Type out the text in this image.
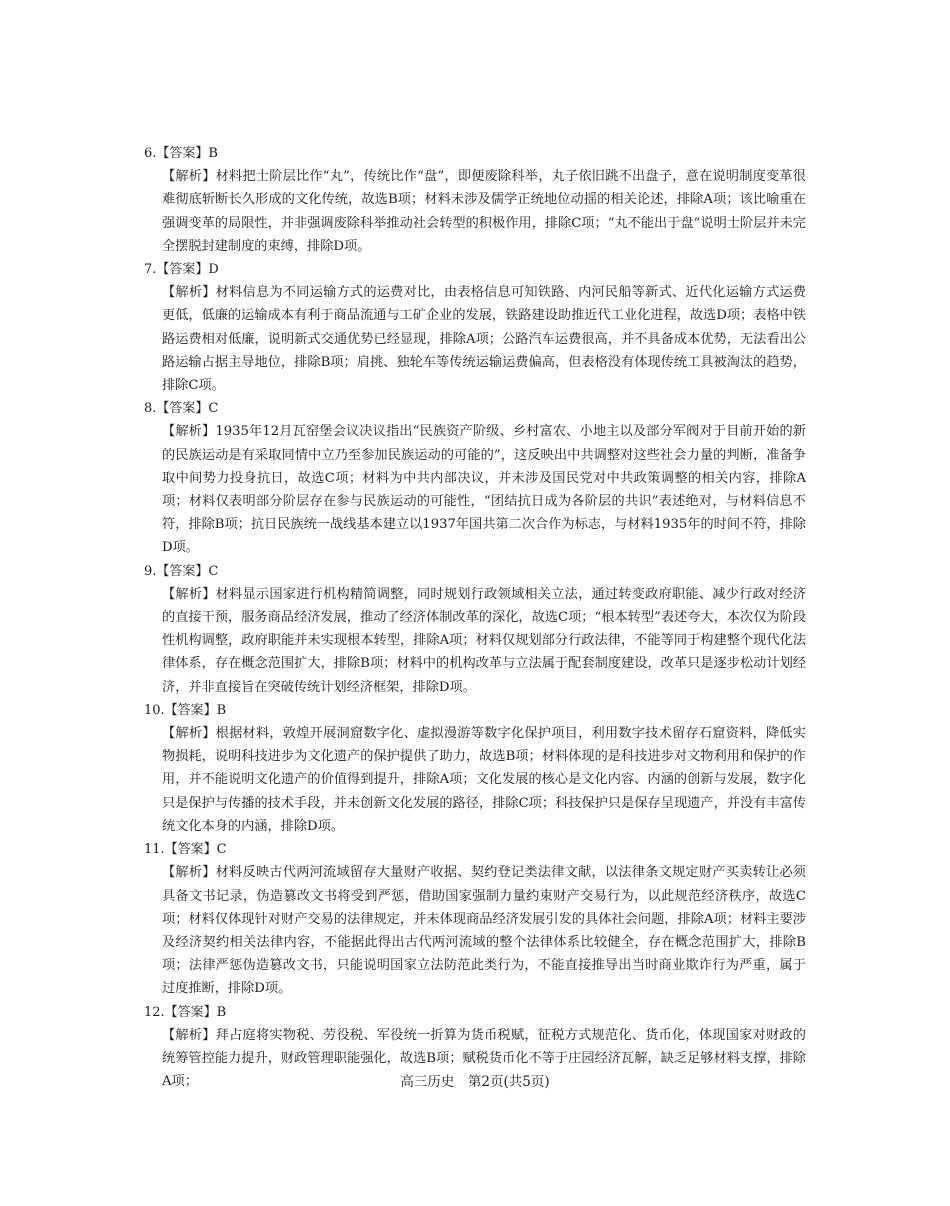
6.【答案】B

【解析】材料把士阶层比作“丸”，传统比作“盘”，即便废除科举，丸子依旧跳不出盘子，意在说明制度变革很难彻底斩断长久形成的文化传统，故选B项；材料未涉及儒学正统地位动摇的相关论述，排除A项；该比喻重在强调变革的局限性，并非强调废除科举推动社会转型的积极作用，排除C项；“丸不能出于盘”说明士阶层并未完全摆脱封建制度的束缚，排除D项。

7.【答案】D

【解析】材料信息为不同运输方式的运费对比，由表格信息可知铁路、内河民船等新式、近代化运输方式运费更低，低廉的运输成本有利于商品流通与工矿企业的发展，铁路建设助推近代工业化进程，故选D项；表格中铁路运费相对低廉，说明新式交通优势已经显现，排除A项；公路汽车运费很高，并不具备成本优势，无法看出公路运输占据主导地位，排除B项；肩挑、独轮车等传统运输运费偏高，但表格没有体现传统工具被淘汰的趋势，排除C项。

8.【答案】C

【解析】1935年12月瓦窑堡会议决议指出“民族资产阶级、乡村富农、小地主以及部分军阀对于目前开始的新的民族运动是有采取同情中立乃至参加民族运动的可能的”，这反映出中共调整对这些社会力量的判断，准备争取中间势力投身抗日，故选C项；材料为中共内部决议，并未涉及国民党对中共政策调整的相关内容，排除A项；材料仅表明部分阶层存在参与民族运动的可能性，“团结抗日成为各阶层的共识”表述绝对，与材料信息不符，排除B项；抗日民族统一战线基本建立以1937年国共第二次合作为标志，与材料1935年的时间不符，排除D项。

9.【答案】C

【解析】材料显示国家进行机构精简调整，同时规划行政领域相关立法，通过转变政府职能、减少行政对经济的直接干预，服务商品经济发展，推动了经济体制改革的深化，故选C项；“根本转型”表述夸大，本次仅为阶段性机构调整，政府职能并未实现根本转型，排除A项；材料仅规划部分行政法律，不能等同于构建整个现代化法律体系，存在概念范围扩大，排除B项；材料中的机构改革与立法属于配套制度建设，改革只是逐步松动计划经济，并非直接旨在突破传统计划经济框架，排除D项。

10.【答案】B

【解析】根据材料，敦煌开展洞窟数字化、虚拟漫游等数字化保护项目，利用数字技术留存石窟资料，降低实物损耗，说明科技进步为文化遗产的保护提供了助力，故选B项；材料体现的是科技进步对文物利用和保护的作用，并不能说明文化遗产的价值得到提升，排除A项；文化发展的核心是文化内容、内涵的创新与发展，数字化只是保护与传播的技术手段，并未创新文化发展的路径，排除C项；科技保护只是保存呈现遗产，并没有丰富传统文化本身的内涵，排除D项。

11.【答案】C

【解析】材料反映古代两河流域留存大量财产收据、契约登记类法律文献，以法律条文规定财产买卖转让必须具备文书记录，伪造篡改文书将受到严惩，借助国家强制力量约束财产交易行为，以此规范经济秩序，故选C项；材料仅体现针对财产交易的法律规定，并未体现商品经济发展引发的具体社会问题，排除A项；材料主要涉及经济契约相关法律内容，不能据此得出古代两河流域的整个法律体系比较健全，存在概念范围扩大，排除B项；法律严惩伪造篡改文书，只能说明国家立法防范此类行为，不能直接推导出当时商业欺诈行为严重，属于过度推断，排除D项。

12.【答案】B

【解析】拜占庭将实物税、劳役税、军役统一折算为货币税赋，征税方式规范化、货币化，体现国家对财政的统筹管控能力提升，财政管理职能强化，故选B项；赋税货币化不等于庄园经济瓦解，缺乏足够材料支撑，排除A项；	高三历史　第2页(共5页)
